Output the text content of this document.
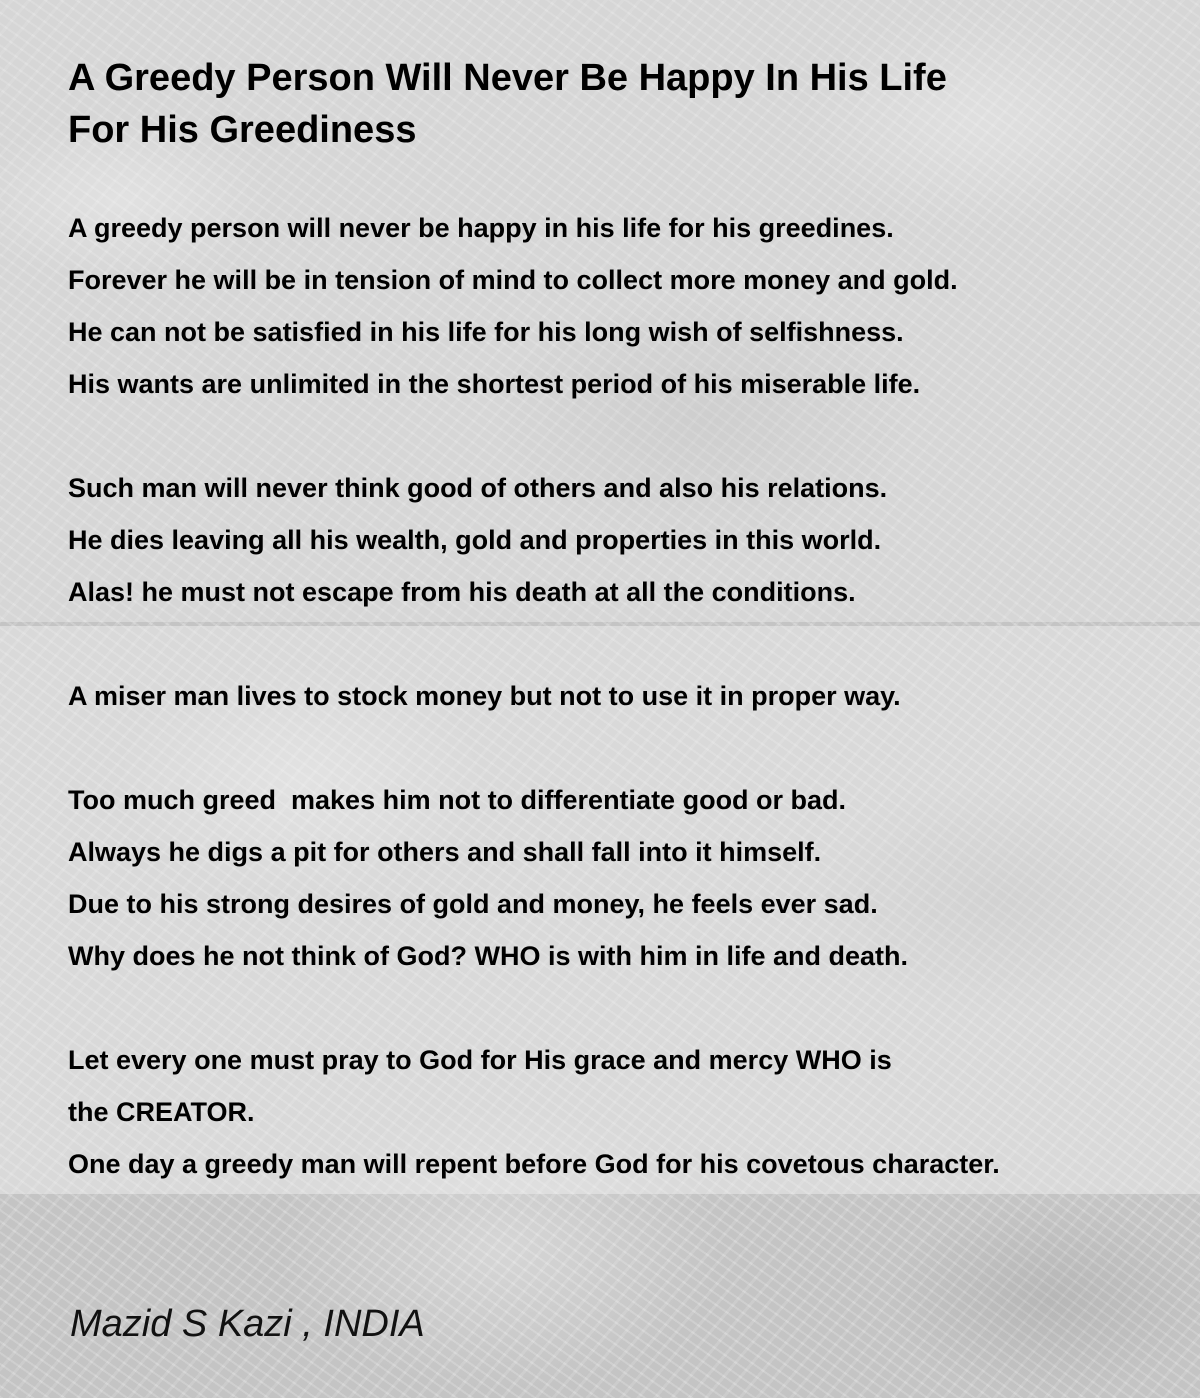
A Greedy Person Will Never Be Happy In His Life For His Greediness
A greedy person will never be happy in his life for his greedines.
Forever he will be in tension of mind to collect more money and gold.
He can not be satisfied in his life for his long wish of selfishness.
His wants are unlimited in the shortest period of his miserable life.
Such man will never think good of others and also his relations.
He dies leaving all his wealth, gold and properties in this world.
Alas! he must not escape from his death at all the conditions.
A miser man lives to stock money but not to use it in proper way.
Too much greed  makes him not to differentiate good or bad.
Always he digs a pit for others and shall fall into it himself.
Due to his strong desires of gold and money, he feels ever sad.
Why does he not think of God? WHO is with him in life and death.
Let every one must pray to God for His grace and mercy WHO is
the CREATOR.
One day a greedy man will repent before God for his covetous character.
Mazid S Kazi , INDIA
